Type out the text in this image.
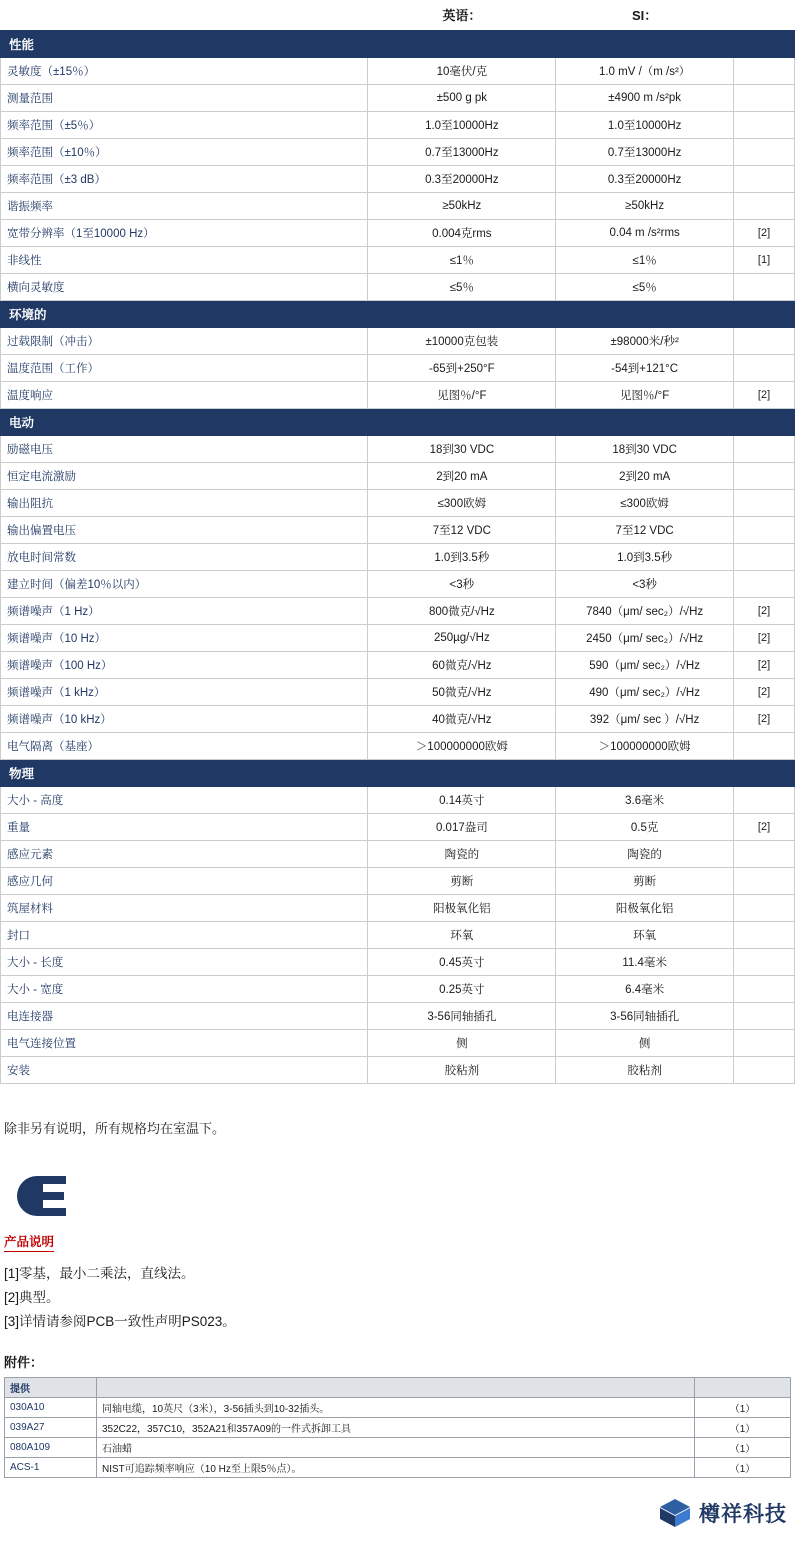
	英语：	SI：	
性能			
灵敏度（±15％）	10毫伏/克	1.0 mV /（m /s²）	
测量范围	±500 g pk	±4900 m /s²pk	
频率范围（±5％）	1.0至10000Hz	1.0至10000Hz	
频率范围（±10％）	0.7至13000Hz	0.7至13000Hz	
频率范围（±3 dB）	0.3至20000Hz	0.3至20000Hz	
谐振频率	≥50kHz	≥50kHz	
宽带分辨率（1至10000 Hz）	0.004克rms	0.04 m /s²rms	[2]
非线性	≤1％	≤1％	[1]
横向灵敏度	≤5％	≤5％	
环境的			
过载限制（冲击）	±10000克包装	±98000米/秒²	
温度范围（工作）	-65到+250°F	-54到+121°C	
温度响应	见图％/°F	见图％/°F	[2]
电动			
励磁电压	18到30 VDC	18到30 VDC	
恒定电流激励	2到20 mA	2到20 mA	
输出阻抗	≤300欧姆	≤300欧姆	
输出偏置电压	7至12 VDC	7至12 VDC	
放电时间常数	1.0到3.5秒	1.0到3.5秒	
建立时间（偏差10％以内）	<3秒	<3秒	
频谱噪声（1 Hz）	800微克/√Hz	7840（μm/ sec₂）/√Hz	[2]
频谱噪声（10 Hz）	250µg/√Hz	2450（μm/ sec₂）/√Hz	[2]
频谱噪声（100 Hz）	60微克/√Hz	590（μm/ sec₂）/√Hz	[2]
频谱噪声（1 kHz）	50微克/√Hz	490（μm/ sec₂）/√Hz	[2]
频谱噪声（10 kHz）	40微克/√Hz	392（μm/ sec ）/√Hz	[2]
电气隔离（基座）	＞100000000欧姆	＞100000000欧姆	
物理			
大小 - 高度	0.14英寸	3.6毫米	
重量	0.017盎司	0.5克	[2]
感应元素	陶瓷的	陶瓷的	
感应几何	剪断	剪断	
筑屋材料	阳极氧化铝	阳极氧化铝	
封口	环氧	环氧	
大小 - 长度	0.45英寸	11.4毫米	
大小 - 宽度	0.25英寸	6.4毫米	
电连接器	3-56同轴插孔	3-56同轴插孔	
电气连接位置	侧	侧	
安装	胶粘剂	胶粘剂	
除非另有说明，所有规格均在室温下。
产品说明
[1]零基，最小二乘法，直线法。
[2]典型。
[3]详情请参阅PCB一致性声明PS023。
附件：
提供		
030A10	同轴电缆，10英尺（3米），3-56插头到10-32插头。	（1）
039A27	352C22，357C10，352A21和357A09的一件式拆卸工具	（1）
080A109	石油蜡	（1）
ACS-1	NIST可追踪频率响应（10 Hz至上限5％点）。	（1）
樽祥科技
